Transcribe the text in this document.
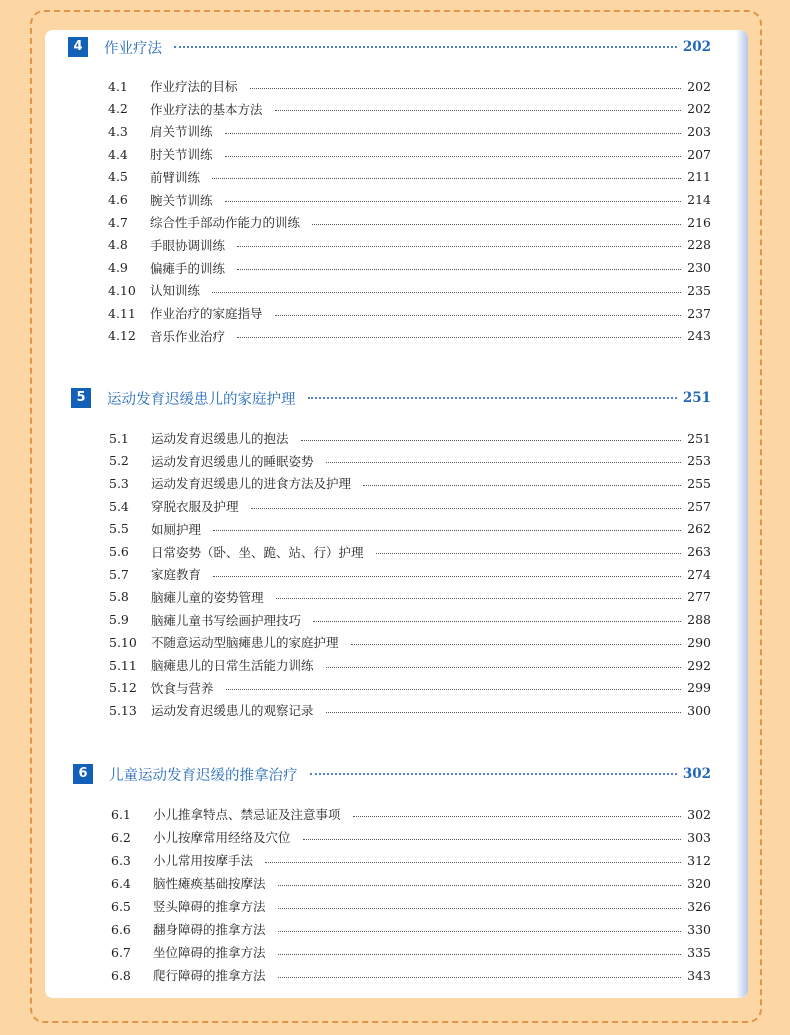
4	作业疗法	202
4.1	作业疗法的目标	202
4.2	作业疗法的基本方法	202
4.3	肩关节训练	203
4.4	肘关节训练	207
4.5	前臂训练	211
4.6	腕关节训练	214
4.7	综合性手部动作能力的训练	216
4.8	手眼协调训练	228
4.9	偏瘫手的训练	230
4.10	认知训练	235
4.11	作业治疗的家庭指导	237
4.12	音乐作业治疗	243
5	运动发育迟缓患儿的家庭护理	251
5.1	运动发育迟缓患儿的抱法	251
5.2	运动发育迟缓患儿的睡眠姿势	253
5.3	运动发育迟缓患儿的进食方法及护理	255
5.4	穿脱衣服及护理	257
5.5	如厕护理	262
5.6	日常姿势（卧、坐、跪、站、行）护理	263
5.7	家庭教育	274
5.8	脑瘫儿童的姿势管理	277
5.9	脑瘫儿童书写绘画护理技巧	288
5.10	不随意运动型脑瘫患儿的家庭护理	290
5.11	脑瘫患儿的日常生活能力训练	292
5.12	饮食与营养	299
5.13	运动发育迟缓患儿的观察记录	300
6	儿童运动发育迟缓的推拿治疗	302
6.1	小儿推拿特点、禁忌证及注意事项	302
6.2	小儿按摩常用经络及穴位	303
6.3	小儿常用按摩手法	312
6.4	脑性瘫痪基础按摩法	320
6.5	竖头障碍的推拿方法	326
6.6	翻身障碍的推拿方法	330
6.7	坐位障碍的推拿方法	335
6.8	爬行障碍的推拿方法	343
